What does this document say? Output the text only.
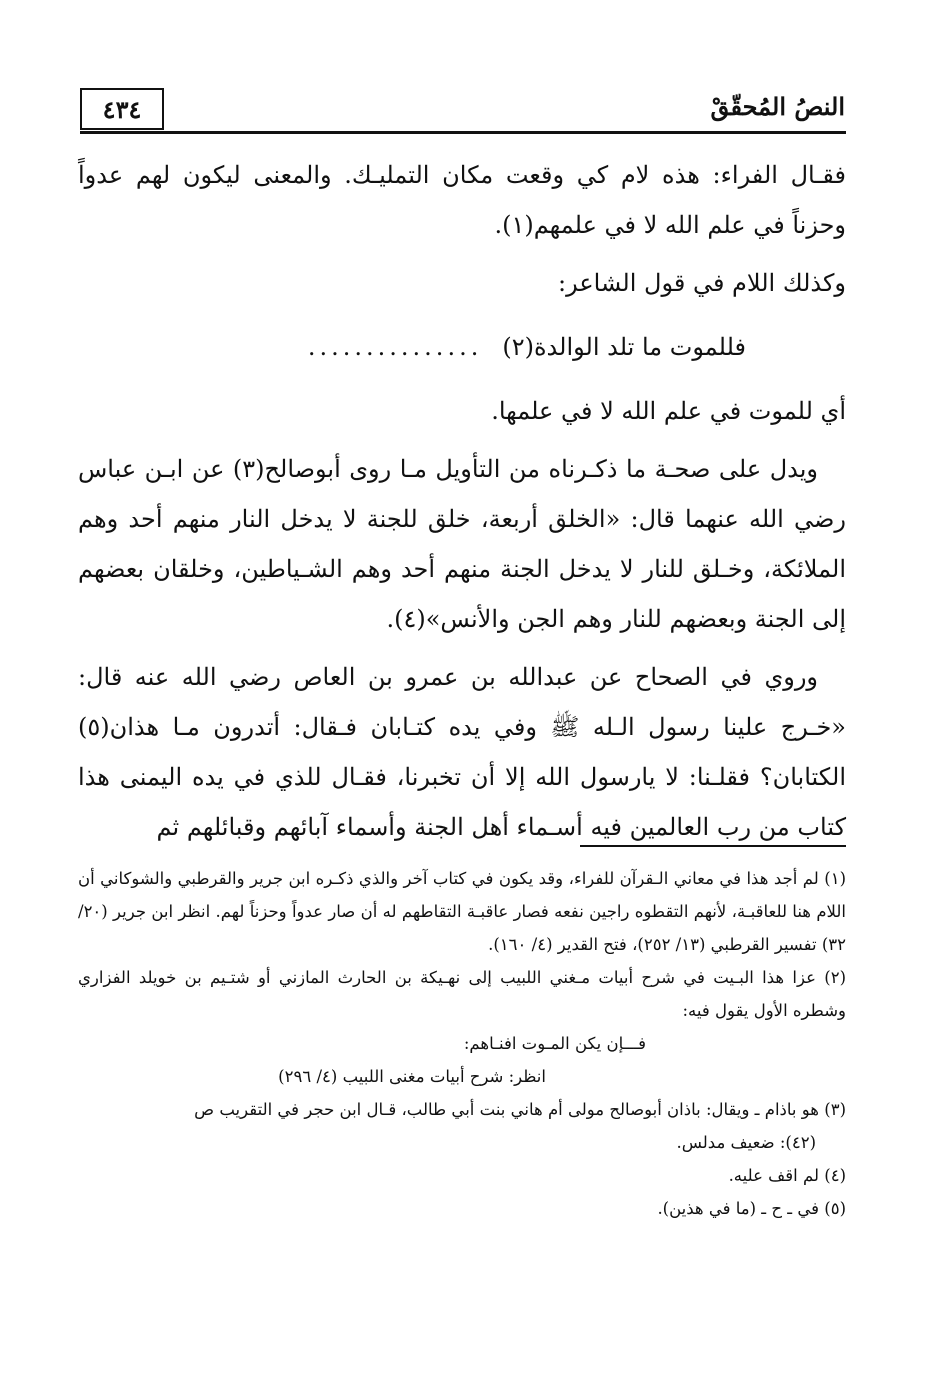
٤٣٤	النصُ المُحقّقْ

فقـال الفراء: هذه لام كي وقعت مكان التمليـك. والمعنى ليكون لهم عدواً وحزناً في علم الله لا في علمهم(١).

وكذلك اللام في قول الشاعر:

فللموت ما تلد الوالدة(٢)
...............

أي للموت في علم الله لا في علمها.

ويدل على صحـة ما ذكـرناه من التأويل مـا روى أبوصالح(٣) عن ابـن عباس رضي الله عنهما قال: «الخلق أربعة، خلق للجنة لا يدخل النار منهم أحد وهم الملائكة، وخـلق للنار لا يدخل الجنة منهم أحد وهم الشـياطين، وخلقان بعضهم إلى الجنة وبعضهم للنار وهم الجن والأنس»(٤).

وروي في الصحاح عن عبدالله بن عمرو بن العاص رضي الله عنه قال: «خـرج علينا رسول الـله ﷺ وفي يده كتـابان فـقال: أتدرون مـا هذان(٥) الكتابان؟ فقلـنا: لا يارسول الله إلا أن تخبرنا، فقـال للذي في يده اليمنى هذا كتاب من رب العالمين فيه أسـماء أهل الجنة وأسماء آبائهم وقبائلهم ثم

(١) لم أجد هذا في معاني الـقرآن للفراء، وقد يكون في كتاب آخر والذي ذكـره ابن جرير والقرطبي والشوكاني أن اللام هنا للعاقبـة، لأنهم التقطوه راجين نفعه فصار عاقبـة التقاطهم له أن صار عدواً وحزناً لهم. انظر ابن جرير (٢٠/ ٣٢) تفسير القرطبي (١٣/ ٢٥٢)، فتح القدير (٤/ ١٦٠).

(٢) عزا هذا البـيت في شرح أبيات مـغني اللبيب إلى نهـيكة بن الحارث المازني أو شتـيم بن خويلد الفزاري وشطره الأول يقول فيه:

فـــإن يكن المـوت افنـاهم:

انظر: شرح أبيات مغنى اللبيب (٤/ ٢٩٦)

(٣) هو باذام ـ ويقال: باذان أبوصالح مولى أم هاني بنت أبي طالب، قـال ابن حجر في التقريب ص

(٤٢): ضعيف مدلس.

(٤) لم اقف عليه.

(٥) في ـ ح ـ (ما في هذين).
